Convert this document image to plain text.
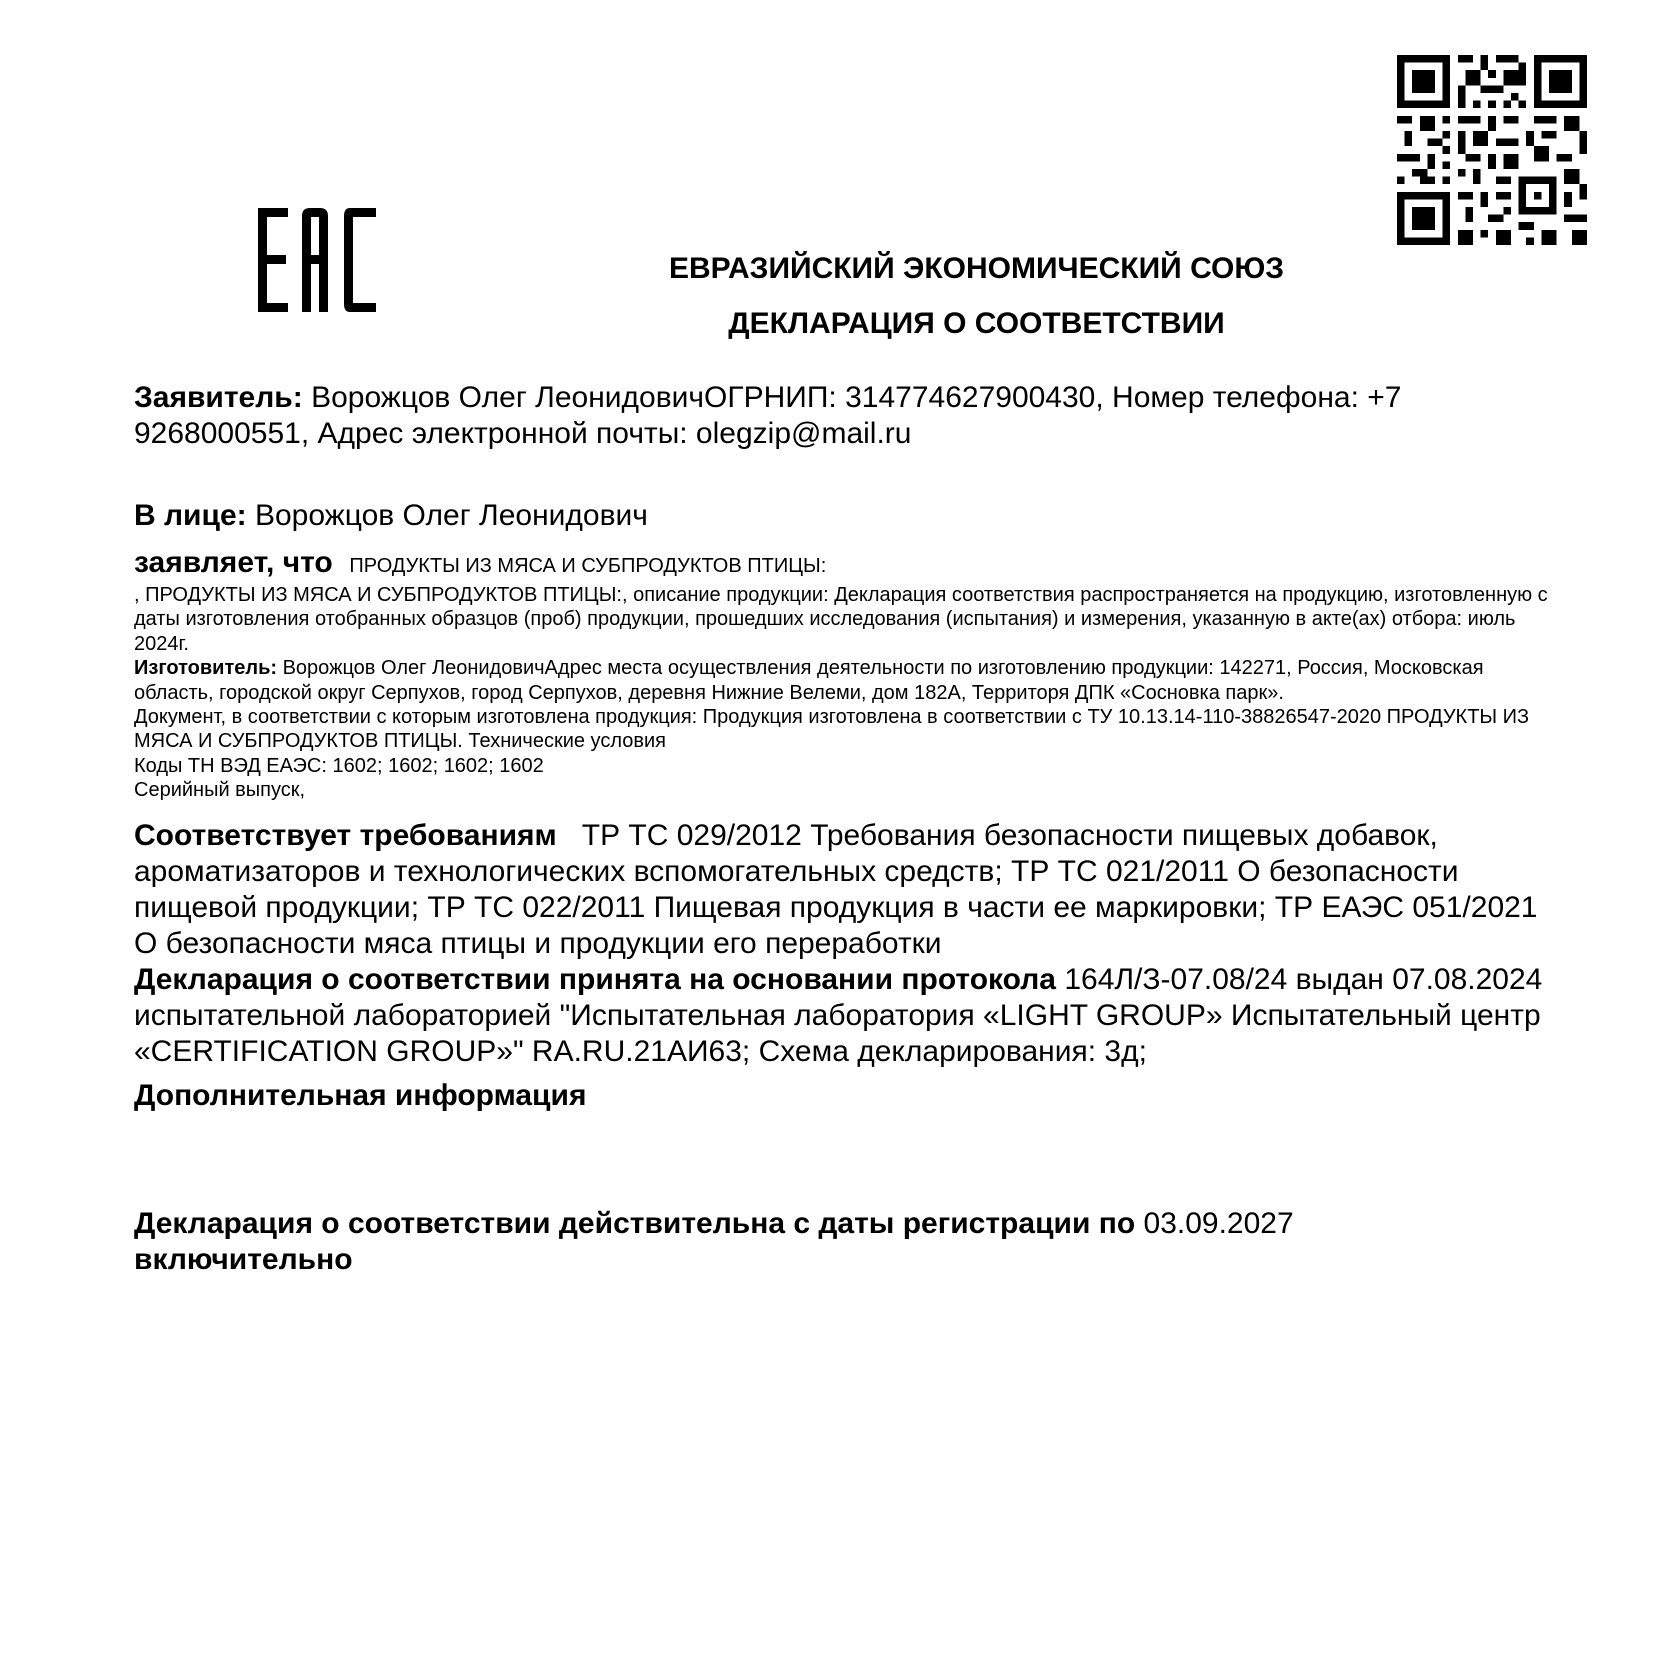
ЕВРАЗИЙСКИЙ ЭКОНОМИЧЕСКИЙ СОЮЗ

ДЕКЛАРАЦИЯ О СООТВЕТСТВИИ

Заявитель: Ворожцов Олег ЛеонидовичОГРНИП: 314774627900430, Номер телефона: +7 9268000551, Адрес электронной почты: olegzip@mail.ru

В лице: Ворожцов Олег Леонидович

заявляет, что   ПРОДУКТЫ ИЗ МЯСА И СУБПРОДУКТОВ ПТИЦЫ:

, ПРОДУКТЫ ИЗ МЯСА И СУБПРОДУКТОВ ПТИЦЫ:, описание продукции: Декларация соответствия распространяется на продукцию, изготовленную с даты изготовления отобранных образцов (проб) продукции, прошедших исследования (испытания) и измерения, указанную в акте(ах) отбора: июль 2024г.

Изготовитель: Ворожцов Олег ЛеонидовичАдрес места осуществления деятельности по изготовлению продукции: 142271, Россия, Московская область, городской округ Серпухов, город Серпухов, деревня Нижние Велеми, дом 182А, Территоря ДПК «Сосновка парк».

Документ, в соответствии с которым изготовлена продукция: Продукция изготовлена в соответствии с ТУ 10.13.14-110-38826547-2020 ПРОДУКТЫ ИЗ МЯСА И СУБПРОДУКТОВ ПТИЦЫ. Технические условия

Коды ТН ВЭД ЕАЭС: 1602; 1602; 1602; 1602

Серийный выпуск,

Соответствует требованиям   ТР ТС 029/2012 Требования безопасности пищевых добавок, ароматизаторов и технологических вспомогательных средств; ТР ТС 021/2011 О безопасности пищевой продукции; ТР ТС 022/2011 Пищевая продукция в части ее маркировки; ТР ЕАЭС 051/2021 О безопасности мяса птицы и продукции его переработки

Декларация о соответствии принята на основании протокола 164Л/З-07.08/24 выдан 07.08.2024  испытательной лабораторией "Испытательная лаборатория «LIGHT GROUP» Испытательный центр «CERTIFICATION GROUP»" RA.RU.21АИ63; Схема декларирования: 3д;

Дополнительная информация

Декларация о соответствии действительна с даты регистрации по 03.09.2027

включительно
